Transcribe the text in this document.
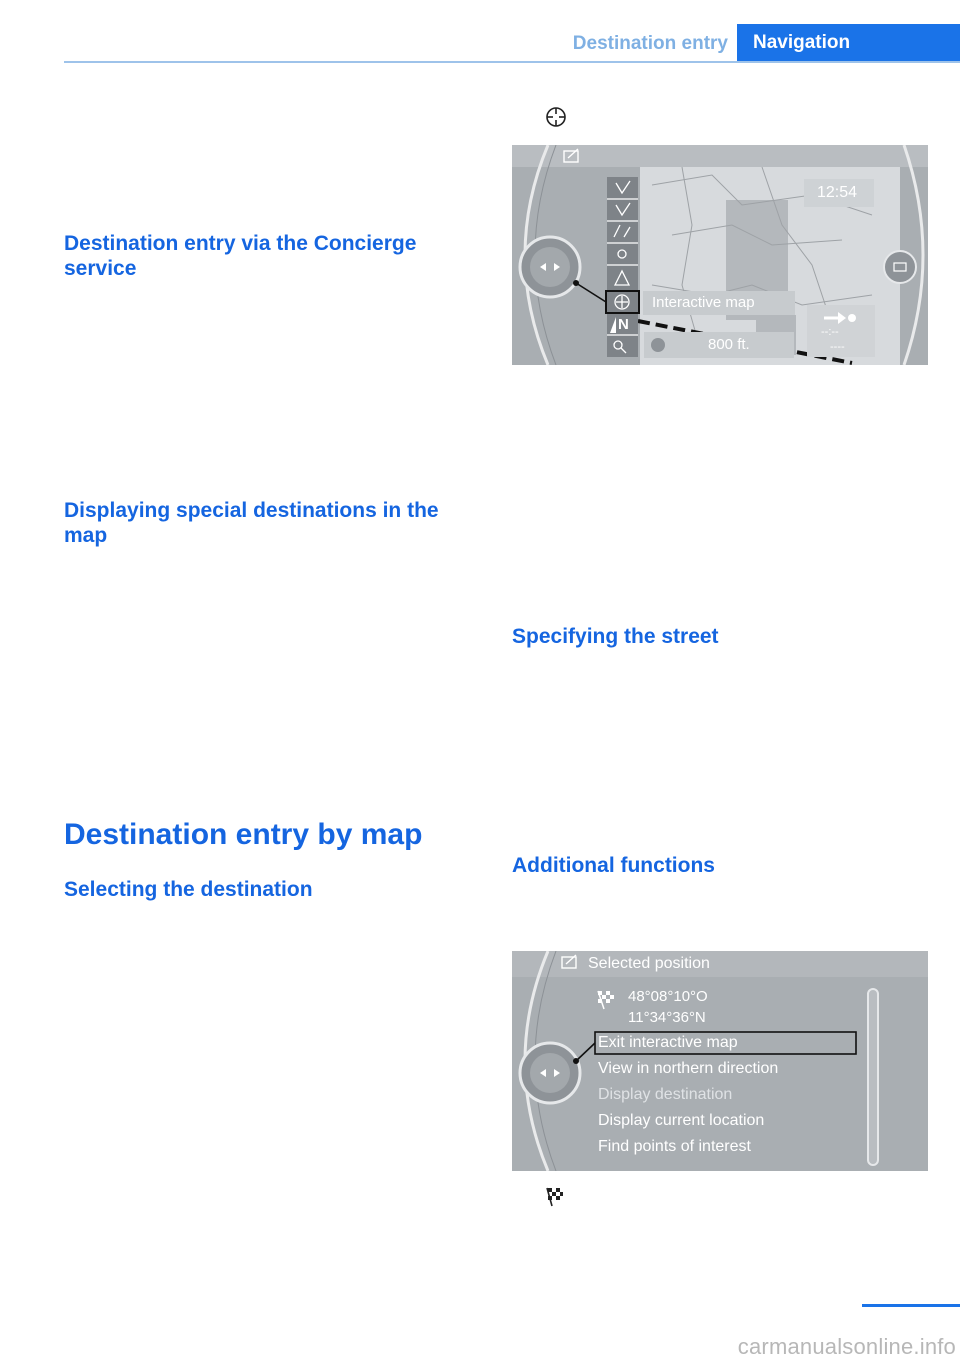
Destination entry	Navigation
Destination entry via the Concierge service
Displaying special destinations in the map
Destination entry by map
Selecting the destination
12:54
Interactive map
800 ft.
--:--
----
N
Specifying the street
Additional functions
Selected position
48°08°10°O
11°34°36°N
Exit interactive map
View in northern direction
Display destination
Display current location
Find points of interest
carmanualsonline.info
